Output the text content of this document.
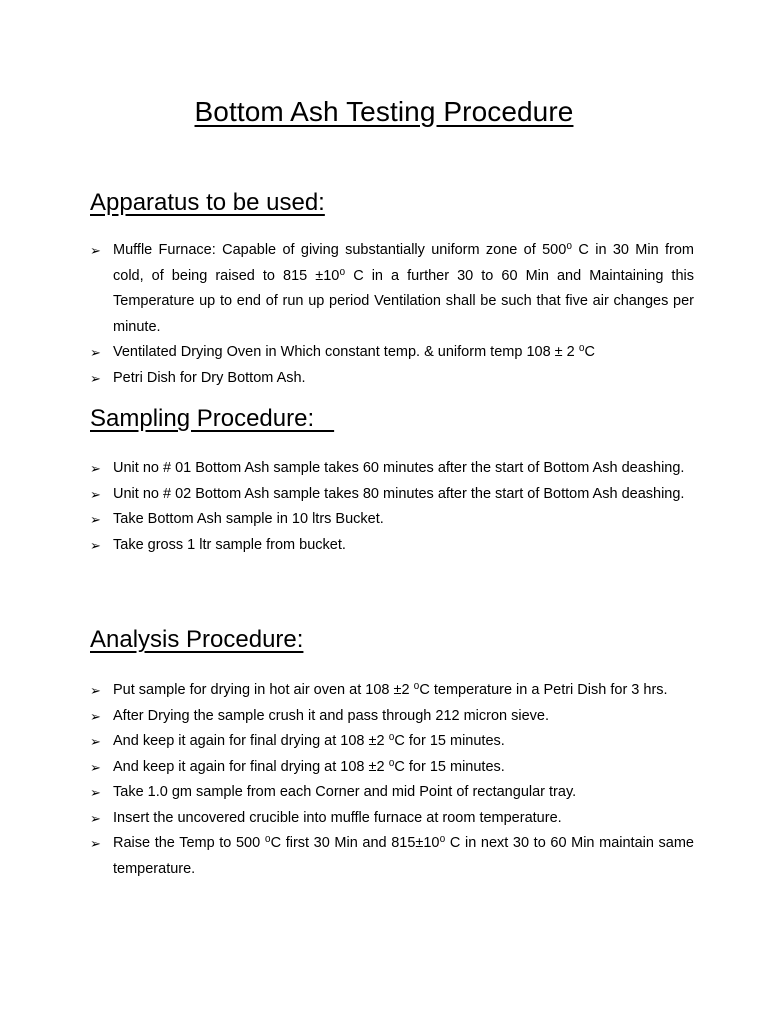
Bottom Ash Testing Procedure
Apparatus to be used:
➢ Muffle Furnace: Capable of giving substantially uniform zone of 500⁰ C in 30 Min from cold, of being raised to 815 ±10⁰ C in a further 30 to 60 Min and Maintaining this Temperature up to end of run up period Ventilation shall be such that five air changes per minute.
➢ Ventilated Drying Oven in Which constant temp. & uniform temp 108 ± 2 ⁰C
➢ Petri Dish for Dry Bottom Ash.
Sampling Procedure:
➢ Unit no # 01 Bottom Ash sample takes 60 minutes after the start of Bottom Ash deashing.
➢ Unit no # 02 Bottom Ash sample takes 80 minutes after the start of Bottom Ash deashing.
➢ Take Bottom Ash sample in 10 ltrs Bucket.
➢ Take gross 1 ltr sample from bucket.
Analysis Procedure:
➢ Put sample for drying in hot air oven at 108 ±2 ⁰C temperature in a Petri Dish for 3 hrs.
➢ After Drying the sample crush it and pass through 212 micron sieve.
➢ And keep it again for final drying at 108 ±2 ⁰C for 15 minutes.
➢ And keep it again for final drying at 108 ±2 ⁰C for 15 minutes.
➢ Take 1.0 gm sample from each Corner and mid Point of rectangular tray.
➢ Insert the uncovered crucible into muffle furnace at room temperature.
➢ Raise the Temp to 500 ⁰C first 30 Min and 815±10⁰ C in next 30 to 60 Min maintain same temperature.
